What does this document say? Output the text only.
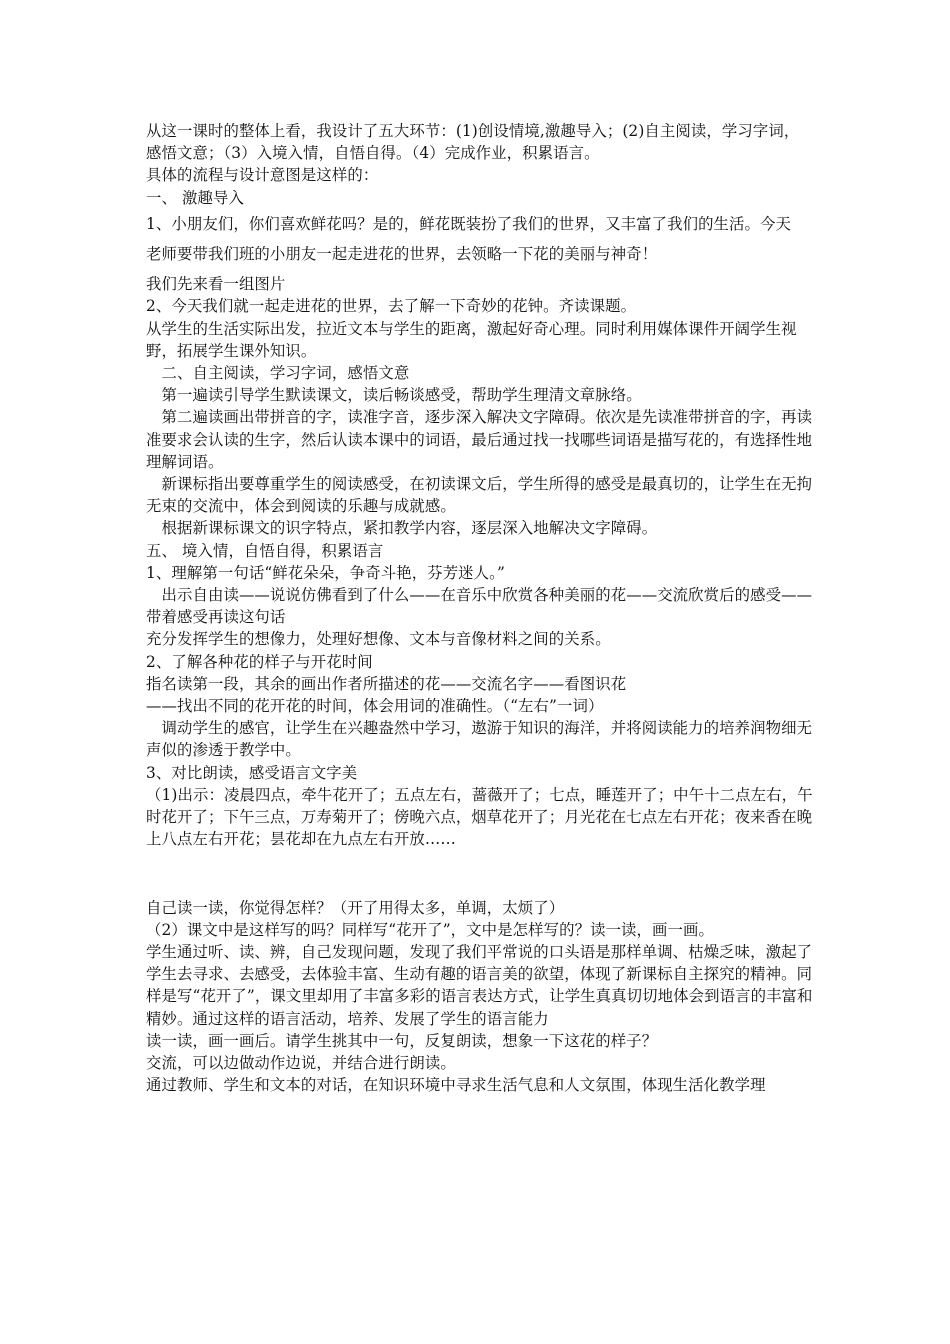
从这一课时的整体上看，我设计了五大环节：(1)创设情境,激趣导入；(2)自主阅读，学习字词，感悟文意；（3）入境入情，自悟自得。（4）完成作业，积累语言。

具体的流程与设计意图是这样的：

一、 激趣导入

1、小朋友们，你们喜欢鲜花吗？是的，鲜花既装扮了我们的世界，又丰富了我们的生活。今天

老师要带我们班的小朋友一起走进花的世界，去领略一下花的美丽与神奇！

我们先来看一组图片

2、今天我们就一起走进花的世界，去了解一下奇妙的花钟。齐读课题。

从学生的生活实际出发，拉近文本与学生的距离，激起好奇心理。同时利用媒体课件开阔学生视野，拓展学生课外知识。

　二、自主阅读，学习字词，感悟文意

　第一遍读引导学生默读课文，读后畅谈感受，帮助学生理清文章脉络。

　第二遍读画出带拼音的字，读准字音，逐步深入解决文字障碍。依次是先读准带拼音的字，再读准要求会认读的生字，然后认读本课中的词语，最后通过找一找哪些词语是描写花的，有选择性地理解词语。

　新课标指出要尊重学生的阅读感受，在初读课文后，学生所得的感受是最真切的，让学生在无拘无束的交流中，体会到阅读的乐趣与成就感。

　根据新课标课文的识字特点，紧扣教学内容，逐层深入地解决文字障碍。

五、 境入情，自悟自得，积累语言

1、理解第一句话“鲜花朵朵，争奇斗艳，芬芳迷人。”

　出示自由读——说说仿佛看到了什么——在音乐中欣赏各种美丽的花——交流欣赏后的感受——带着感受再读这句话

充分发挥学生的想像力，处理好想像、文本与音像材料之间的关系。

2、了解各种花的样子与开花时间

指名读第一段，其余的画出作者所描述的花——交流名字——看图识花

——找出不同的花开花的时间，体会用词的准确性。（“左右”一词）

　调动学生的感官，让学生在兴趣盎然中学习，遨游于知识的海洋，并将阅读能力的培养润物细无声似的渗透于教学中。

3、对比朗读，感受语言文字美

（1)出示：凌晨四点，牵牛花开了；五点左右，蔷薇开了；七点，睡莲开了；中午十二点左右，午时花开了；下午三点，万寿菊开了；傍晚六点，烟草花开了；月光花在七点左右开花；夜来香在晚上八点左右开花；昙花却在九点左右开放……

自己读一读，你觉得怎样？（开了用得太多，单调，太烦了）

（2）课文中是这样写的吗？同样写“花开了”，文中是怎样写的？读一读，画一画。

学生通过听、读、辨，自己发现问题，发现了我们平常说的口头语是那样单调、枯燥乏味，激起了学生去寻求、去感受，去体验丰富、生动有趣的语言美的欲望，体现了新课标自主探究的精神。同样是写“花开了”，课文里却用了丰富多彩的语言表达方式，让学生真真切切地体会到语言的丰富和精妙。通过这样的语言活动，培养、发展了学生的语言能力

读一读，画一画后。请学生挑其中一句，反复朗读，想象一下这花的样子？

交流，可以边做动作边说，并结合进行朗读。

通过教师、学生和文本的对话，在知识环境中寻求生活气息和人文氛围，体现生活化教学理
